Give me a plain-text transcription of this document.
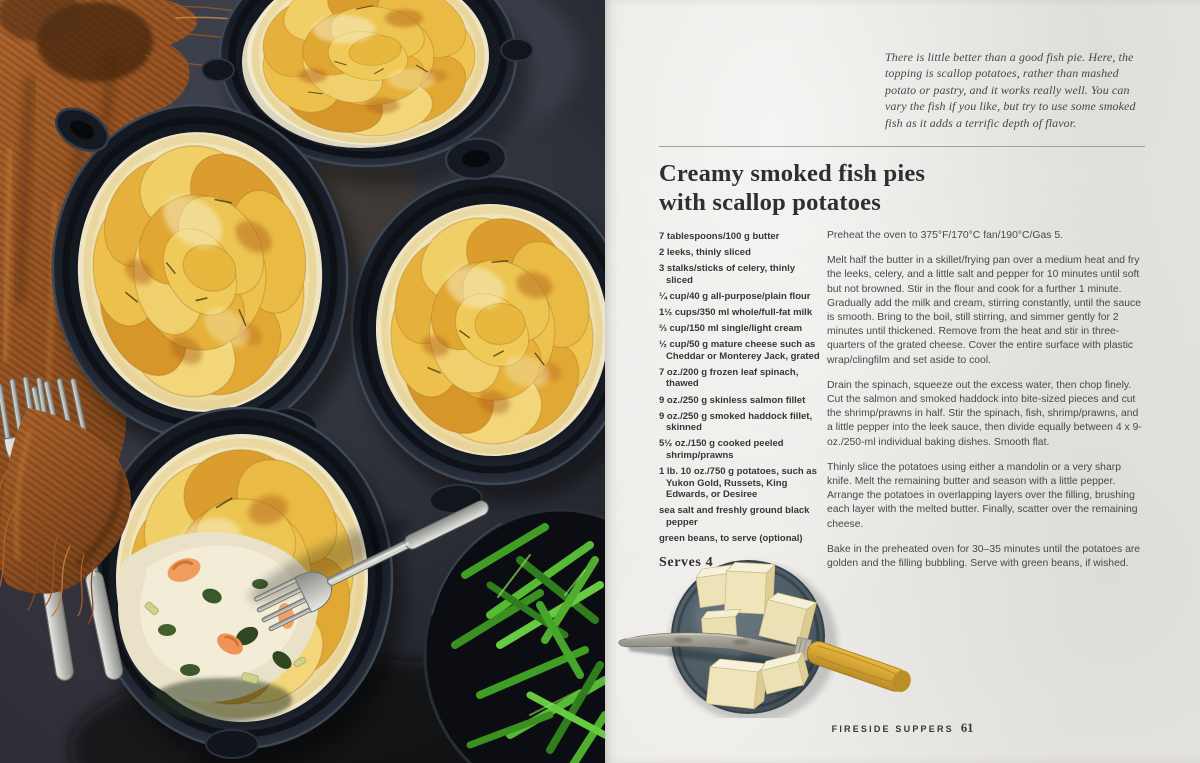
There is little better than a good fish pie. Here, the topping is scallop potatoes, rather than mashed potato or pastry, and it works really well. You can vary the fish if you like, but try to use some smoked fish as it adds a terrific depth of flavor.

Creamy smoked fish pies
with scallop potatoes
7 tablespoons/100 g butter
2 leeks, thinly sliced
3 stalks/sticks of celery, thinly sliced
¼ cup/40 g all-purpose/plain flour
1½ cups/350 ml whole/full-fat milk
⅔ cup/150 ml single/light cream
½ cup/50 g mature cheese such as Cheddar or Monterey Jack, grated
7 oz./200 g frozen leaf spinach, thawed
9 oz./250 g skinless salmon fillet
9 oz./250 g smoked haddock fillet, skinned
5½ oz./150 g cooked peeled shrimp/prawns
1 lb. 10 oz./750 g potatoes, such as Yukon Gold, Russets, King Edwards, or Desiree
sea salt and freshly ground black pepper
green beans, to serve (optional)
Serves 4

Preheat the oven to 375°F/170°C fan/190°C/Gas 5.

Melt half the butter in a skillet/frying pan over a medium heat and fry the leeks, celery, and a little salt and pepper for 10 minutes until soft but not browned. Stir in the flour and cook for a further 1 minute. Gradually add the milk and cream, stirring constantly, until the sauce is smooth. Bring to the boil, still stirring, and simmer gently for 2 minutes until thickened. Remove from the heat and stir in three-quarters of the grated cheese. Cover the entire surface with plastic wrap/clingfilm and set aside to cool.

Drain the spinach, squeeze out the excess water, then chop finely. Cut the salmon and smoked haddock into bite-sized pieces and cut the shrimp/prawns in half. Stir the spinach, fish, shrimp/prawns, and a little pepper into the leek sauce, then divide equally between 4 x 9-oz./250-ml individual baking dishes. Smooth flat.

Thinly slice the potatoes using either a mandolin or a very sharp knife. Melt the remaining butter and season with a little pepper. Arrange the potatoes in overlapping layers over the filling, brushing each layer with the melted butter. Finally, scatter over the remaining cheese.

Bake in the preheated oven for 30–35 minutes until the potatoes are golden and the filling bubbling. Serve with green beans, if wished.

FIRESIDE SUPPERS 61
